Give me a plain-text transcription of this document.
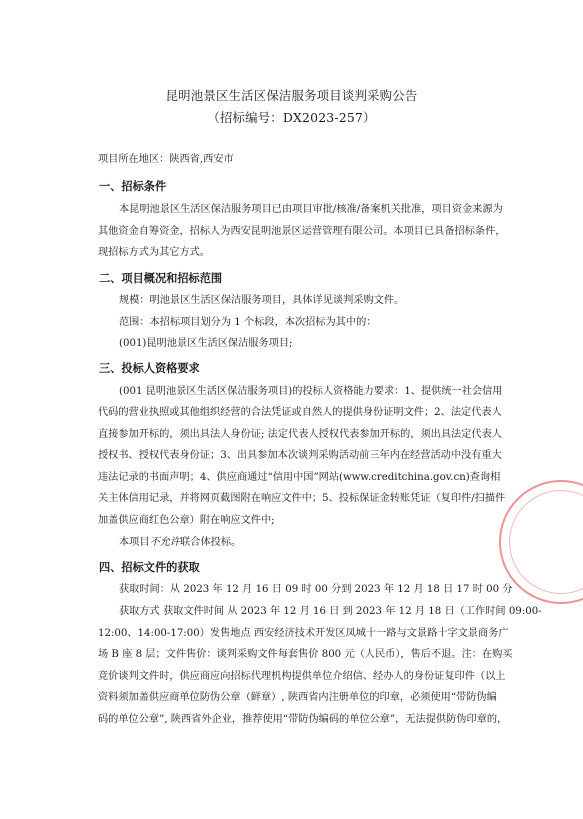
昆明池景区生活区保洁服务项目谈判采购公告
（招标编号：DX2023-257）
项目所在地区：陕西省,西安市
一、招标条件
本昆明池景区生活区保洁服务项目已由项目审批/核准/备案机关批准，项目资金来源为
其他资金自筹资金，招标人为西安昆明池景区运营管理有限公司。本项目已具备招标条件，
现招标方式为其它方式。
二、项目概况和招标范围
规模：明池景区生活区保洁服务项目，具体详见谈判采购文件。
范围：本招标项目划分为 1 个标段，本次招标为其中的：
(001)昆明池景区生活区保洁服务项目;
三、投标人资格要求
(001 昆明池景区生活区保洁服务项目)的投标人资格能力要求：1、提供统一社会信用
代码的营业执照或其他组织经营的合法凭证或自然人的提供身份证明文件；2、法定代表人
直接参加开标的，须出具法人身份证; 法定代表人授权代表参加开标的，须出具法定代表人
授权书、授权代表身份证；3、出具参加本次谈判采购活动前三年内在经营活动中没有重大
违法记录的书面声明；4、供应商通过“信用中国”网站(www.creditchina.gov.cn)查询相
关主体信用记录，并将网页截图附在响应文件中；5、投标保证金转账凭证（复印件/扫描件
加盖供应商红色公章）附在响应文件中;
本项目不允许联合体投标。
四、招标文件的获取
获取时间：从 2023 年 12 月 16 日 09 时 00 分到 2023 年 12 月 18 日 17 时 00 分
获取方式 获取文件时间 从 2023 年 12 月 16 日 到 2023 年 12 月 18 日（工作时间 09:00-
12:00、14:00-17:00）发售地点 西安经济技术开发区凤城十一路与文景路十字文景商务广
场 B 座 8 层；文件售价：谈判采购文件每套售价 800 元（人民币），售后不退。注：在购买
竞价谈判文件时，供应商应向招标代理机构提供单位介绍信、经办人的身份证复印件（以上
资料须加盖供应商单位防伪公章（鲜章）, 陕西省内注册单位的印章，必须使用“带防伪编
码的单位公章”, 陕西省外企业，推荐使用“带防伪编码的单位公章”，无法提供防伪印章的，
